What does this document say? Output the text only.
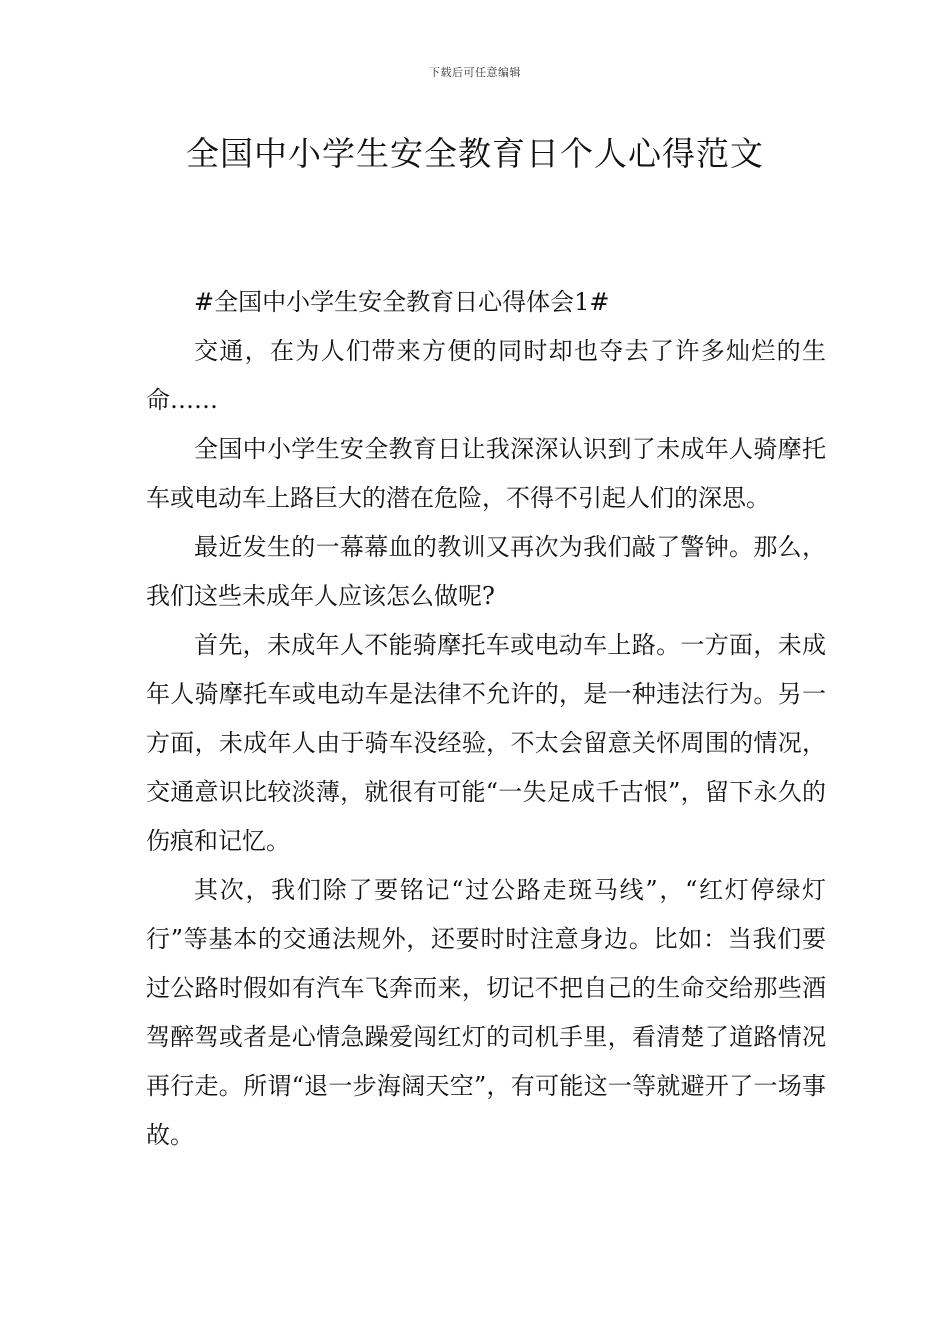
下载后可任意编辑
全国中小学生安全教育日个人心得范文

#全国中小学生安全教育日心得体会1#

交通，在为人们带来方便的同时却也夺去了许多灿烂的生命……

全国中小学生安全教育日让我深深认识到了未成年人骑摩托车或电动车上路巨大的潜在危险，不得不引起人们的深思。

最近发生的一幕幕血的教训又再次为我们敲了警钟。那么，我们这些未成年人应该怎么做呢?

首先，未成年人不能骑摩托车或电动车上路。一方面，未成年人骑摩托车或电动车是法律不允许的，是一种违法行为。另一方面，未成年人由于骑车没经验，不太会留意关怀周围的情况，交通意识比较淡薄，就很有可能“一失足成千古恨”，留下永久的伤痕和记忆。

其次，我们除了要铭记“过公路走斑马线”，“红灯停绿灯行”等基本的交通法规外，还要时时注意身边。比如：当我们要过公路时假如有汽车飞奔而来，切记不把自己的生命交给那些酒驾醉驾或者是心情急躁爱闯红灯的司机手里，看清楚了道路情况再行走。所谓“退一步海阔天空”，有可能这一等就避开了一场事故。
